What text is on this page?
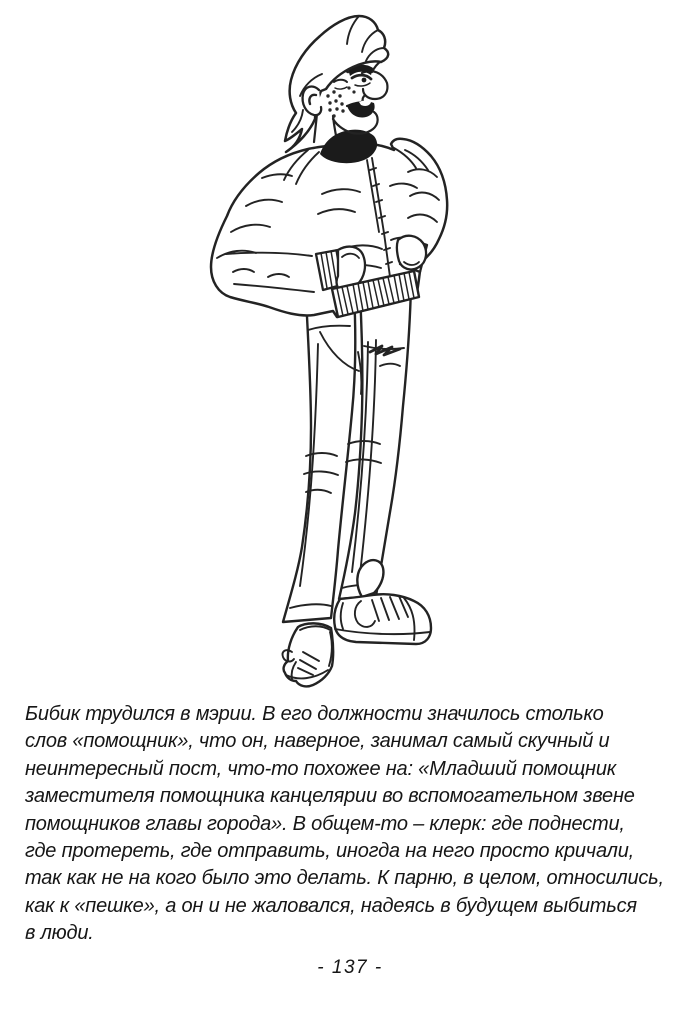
Бибик трудился в мэрии. В его должности значилось столько
слов «помощник», что он, наверное, занимал самый скучный и
неинтересный пост, что-то похожее на: «Младший помощник
заместителя помощника канцелярии во вспомогательном звене
помощников главы города». В общем-то – клерк: где поднести,
где протереть, где отправить, иногда на него просто кричали,
так как не на кого было это делать. К парню, в целом, относились,
как к «пешке», а он и не жаловался, надеясь в будущем выбиться
в люди.
- 137 -
